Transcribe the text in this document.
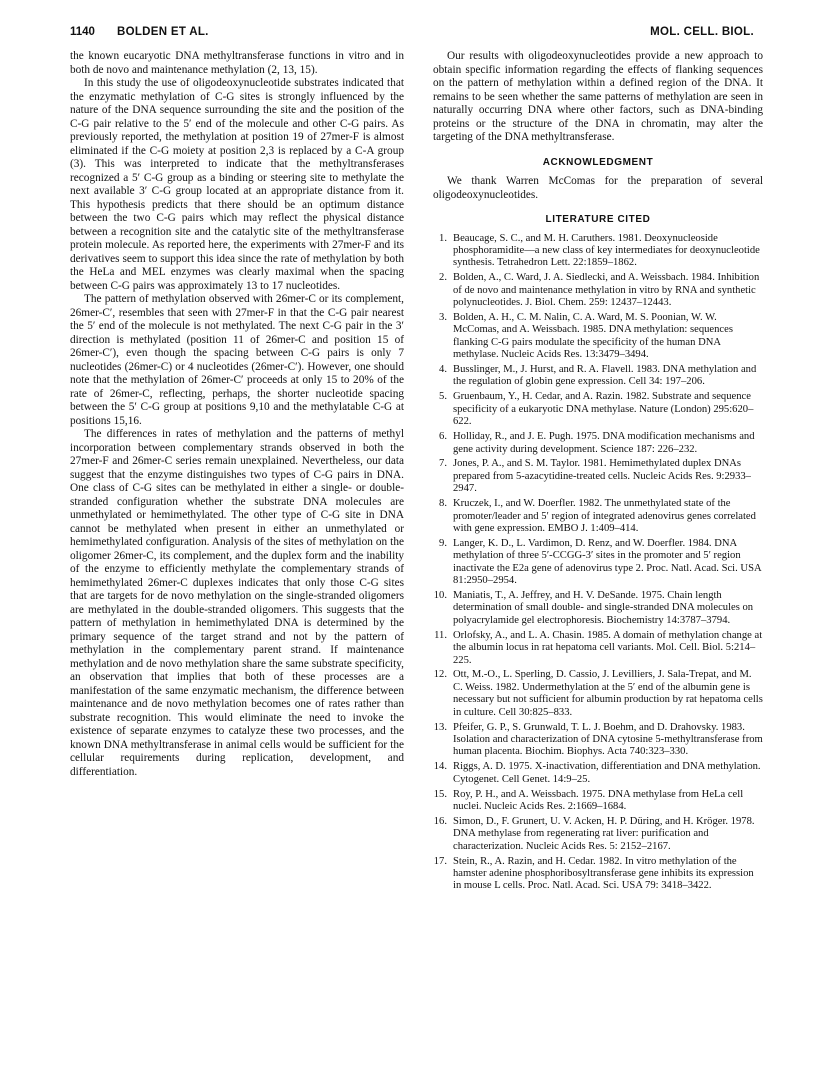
1140 BOLDEN ET AL.	MOL. CELL. BIOL.

the known eucaryotic DNA methyltransferase functions in vitro and in both de novo and maintenance methylation (2, 13, 15).

In this study the use of oligodeoxynucleotide substrates indicated that the enzymatic methylation of C-G sites is strongly influenced by the nature of the DNA sequence surrounding the site and the position of the C-G pair relative to the 5′ end of the molecule and other C-G pairs. As previously reported, the methylation at position 19 of 27mer-F is almost eliminated if the C-G moiety at position 2,3 is replaced by a C-A group (3). This was interpreted to indicate that the methyltransferases recognized a 5′ C-G group as a binding or steering site to methylate the next available 3′ C-G group located at an appropriate distance from it. This hypothesis predicts that there should be an optimum distance between the two C-G pairs which may reflect the physical distance between a recognition site and the catalytic site of the methyltransferase protein molecule. As reported here, the experiments with 27mer-F and its derivatives seem to support this idea since the rate of methylation by both the HeLa and MEL enzymes was clearly maximal when the spacing between C-G pairs was approximately 13 to 17 nucleotides.

The pattern of methylation observed with 26mer-C or its complement, 26mer-C′, resembles that seen with 27mer-F in that the C-G pair nearest the 5′ end of the molecule is not methylated. The next C-G pair in the 3′ direction is methylated (position 11 of 26mer-C and position 15 of 26mer-C′), even though the spacing between C-G pairs is only 7 nucleotides (26mer-C) or 4 nucleotides (26mer-C′). However, one should note that the methylation of 26mer-C′ proceeds at only 15 to 20% of the rate of 26mer-C, reflecting, perhaps, the shorter nucleotide spacing between the 5′ C-G group at positions 9,10 and the methylatable C-G at positions 15,16.

The differences in rates of methylation and the patterns of methyl incorporation between complementary strands observed in both the 27mer-F and 26mer-C series remain unexplained. Nevertheless, our data suggest that the enzyme distinguishes two types of C-G pairs in DNA. One class of C-G sites can be methylated in either a single- or double-stranded configuration whether the substrate DNA molecules are unmethylated or hemimethylated. The other type of C-G site in DNA cannot be methylated when present in either an unmethylated or hemimethylated configuration. Analysis of the sites of methylation on the oligomer 26mer-C, its complement, and the duplex form and the inability of the enzyme to efficiently methylate the complementary strands of hemimethylated 26mer-C duplexes indicates that only those C-G sites that are targets for de novo methylation on the single-stranded oligomers are methylated in the double-stranded oligomers. This suggests that the pattern of methylation in hemimethylated DNA is determined by the primary sequence of the target strand and not by the pattern of methylation in the complementary parent strand. If maintenance methylation and de novo methylation share the same substrate specificity, an observation that implies that both of these processes are a manifestation of the same enzymatic mechanism, the difference between maintenance and de novo methylation becomes one of rates rather than substrate recognition. This would eliminate the need to invoke the existence of separate enzymes to catalyze these two processes, and the known DNA methyltransferase in animal cells would be sufficient for the cellular requirements during replication, development, and differentiation.

Our results with oligodeoxynucleotides provide a new approach to obtain specific information regarding the effects of flanking sequences on the pattern of methylation within a defined region of the DNA. It remains to be seen whether the same patterns of methylation are seen in naturally occurring DNA where other factors, such as DNA-binding proteins or the structure of the DNA in chromatin, may alter the targeting of the DNA methyltransferase.

ACKNOWLEDGMENT

We thank Warren McComas for the preparation of several oligodeoxynucleotides.

LITERATURE CITED
1. Beaucage, S. C., and M. H. Caruthers. 1981. Deoxynucleoside phosphoramidite—a new class of key intermediates for deoxynucleotide synthesis. Tetrahedron Lett. 22:1859–1862.
2. Bolden, A., C. Ward, J. A. Siedlecki, and A. Weissbach. 1984. Inhibition of de novo and maintenance methylation in vitro by RNA and synthetic polynucleotides. J. Biol. Chem. 259: 12437–12443.
3. Bolden, A. H., C. M. Nalin, C. A. Ward, M. S. Poonian, W. W. McComas, and A. Weissbach. 1985. DNA methylation: sequences flanking C-G pairs modulate the specificity of the human DNA methylase. Nucleic Acids Res. 13:3479–3494.
4. Busslinger, M., J. Hurst, and R. A. Flavell. 1983. DNA methylation and the regulation of globin gene expression. Cell 34: 197–206.
5. Gruenbaum, Y., H. Cedar, and A. Razin. 1982. Substrate and sequence specificity of a eukaryotic DNA methylase. Nature (London) 295:620–622.
6. Holliday, R., and J. E. Pugh. 1975. DNA modification mechanisms and gene activity during development. Science 187: 226–232.
7. Jones, P. A., and S. M. Taylor. 1981. Hemimethylated duplex DNAs prepared from 5-azacytidine-treated cells. Nucleic Acids Res. 9:2933–2947.
8. Kruczek, I., and W. Doerfler. 1982. The unmethylated state of the promoter/leader and 5′ region of integrated adenovirus genes correlated with gene expression. EMBO J. 1:409–414.
9. Langer, K. D., L. Vardimon, D. Renz, and W. Doerfler. 1984. DNA methylation of three 5′-CCGG-3′ sites in the promoter and 5′ region inactivate the E2a gene of adenovirus type 2. Proc. Natl. Acad. Sci. USA 81:2950–2954.
10. Maniatis, T., A. Jeffrey, and H. V. DeSande. 1975. Chain length determination of small double- and single-stranded DNA molecules on polyacrylamide gel electrophoresis. Biochemistry 14:3787–3794.
11. Orlofsky, A., and L. A. Chasin. 1985. A domain of methylation change at the albumin locus in rat hepatoma cell variants. Mol. Cell. Biol. 5:214–225.
12. Ott, M.-O., L. Sperling, D. Cassio, J. Levilliers, J. Sala-Trepat, and M. C. Weiss. 1982. Undermethylation at the 5′ end of the albumin gene is necessary but not sufficient for albumin production by rat hepatoma cells in culture. Cell 30:825–833.
13. Pfeifer, G. P., S. Grunwald, T. L. J. Boehm, and D. Drahovsky. 1983. Isolation and characterization of DNA cytosine 5-methyltransferase from human placenta. Biochim. Biophys. Acta 740:323–330.
14. Riggs, A. D. 1975. X-inactivation, differentiation and DNA methylation. Cytogenet. Cell Genet. 14:9–25.
15. Roy, P. H., and A. Weissbach. 1975. DNA methylase from HeLa cell nuclei. Nucleic Acids Res. 2:1669–1684.
16. Simon, D., F. Grunert, U. V. Acken, H. P. Düring, and H. Kröger. 1978. DNA methylase from regenerating rat liver: purification and characterization. Nucleic Acids Res. 5: 2152–2167.
17. Stein, R., A. Razin, and H. Cedar. 1982. In vitro methylation of the hamster adenine phosphoribosyltransferase gene inhibits its expression in mouse L cells. Proc. Natl. Acad. Sci. USA 79: 3418–3422.
